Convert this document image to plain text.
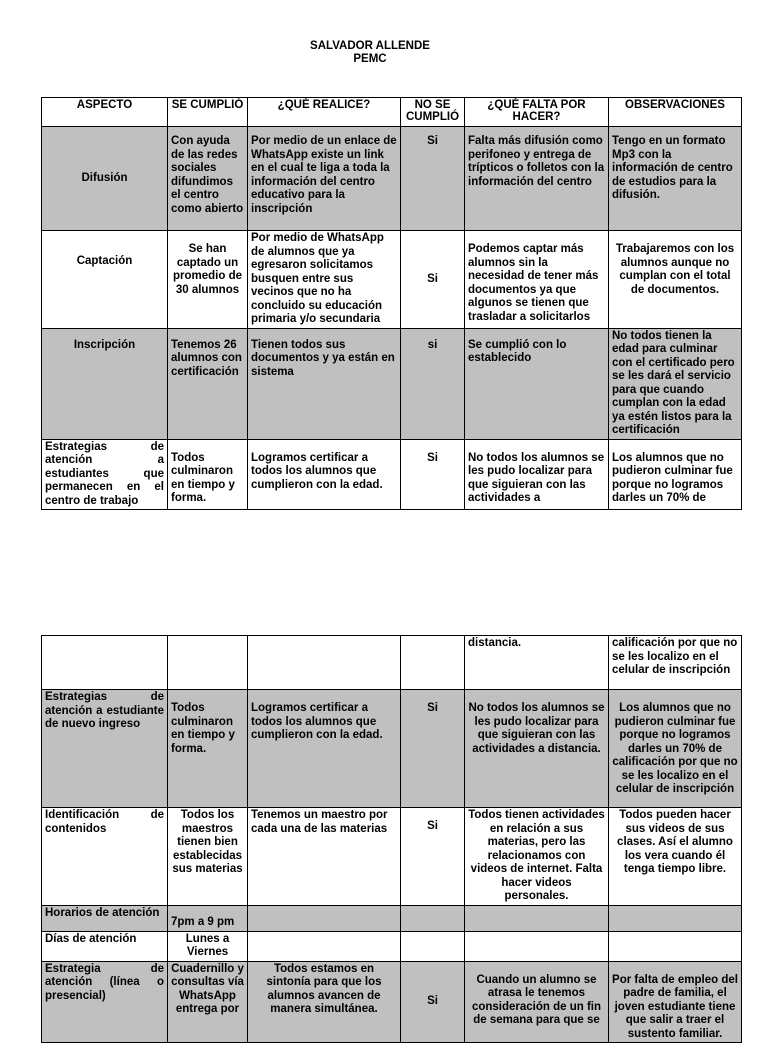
SALVADOR ALLENDE
PEMC
ASPECTO	SE CUMPLIÓ	¿QUÉ REALICE?	NO SE CUMPLIÓ	¿QUÉ FALTA POR HACER?	OBSERVACIONES
Difusión	Con ayuda de las redes sociales difundimos el centro como abierto	Por medio de un enlace de WhatsApp existe un link en el cual te liga a toda la información del centro educativo para la inscripción	Si	Falta más difusión como perifoneo y entrega de trípticos o folletos con la información del centro	Tengo en un formato Mp3 con la información de centro de estudios para la difusión.
Captación	Se han captado un promedio de 30 alumnos	Por medio de WhatsApp de alumnos que ya egresaron solicitamos busquen entre sus vecinos que no ha concluido su educación primaria y/o secundaria	Si	Podemos captar más alumnos sin la necesidad de tener más documentos ya que algunos se tienen que trasladar a solicitarlos	Trabajaremos con los alumnos aunque no cumplan con el total de documentos.
Inscripción	Tenemos 26 alumnos con certificación	Tienen todos sus documentos y ya están en sistema	si	Se cumplió con lo establecido	No todos tienen la edad para culminar con el certificado pero se les dará el servicio para que cuando cumplan con la edad ya estén listos para la certificación
Estrategias de atención a estudiantes que permanecen en el centro de trabajo	Todos culminaron en tiempo y forma.	Logramos certificar a todos los alumnos que cumplieron con la edad.	Si	No todos los alumnos se les pudo localizar para que siguieran con las actividades a	Los alumnos que no pudieron culminar fue porque no logramos darles un 70% de
				distancia.	calificación por que no se les localizo en el celular de inscripción
Estrategias de atención a estudiante de nuevo ingreso	Todos culminaron en tiempo y forma.	Logramos certificar a todos los alumnos que cumplieron con la edad.	Si	No todos los alumnos se les pudo localizar para que siguieran con las actividades a distancia.	Los alumnos que no pudieron culminar fue porque no logramos darles un 70% de calificación por que no se les localizo en el celular de inscripción
Identificación de contenidos	Todos los maestros tienen bien establecidas sus materias	Tenemos un maestro por cada una de las materias	Si	Todos tienen actividades en relación a sus materias, pero las relacionamos con videos de internet. Falta hacer videos personales.	Todos pueden hacer sus videos de sus clases. Así el alumno los vera cuando él tenga tiempo libre.
Horarios de atención	7pm a 9 pm				
Días de atención	Lunes a Viernes				
Estrategia de atención (línea o presencial)	Cuadernillo y consultas vía WhatsApp entrega por	Todos estamos en sintonía para que los alumnos avancen de manera simultánea.	Si	Cuando un alumno se atrasa le tenemos consideración de un fin de semana para que se	Por falta de empleo del padre de familia, el joven estudiante tiene que salir a traer el sustento familiar.
